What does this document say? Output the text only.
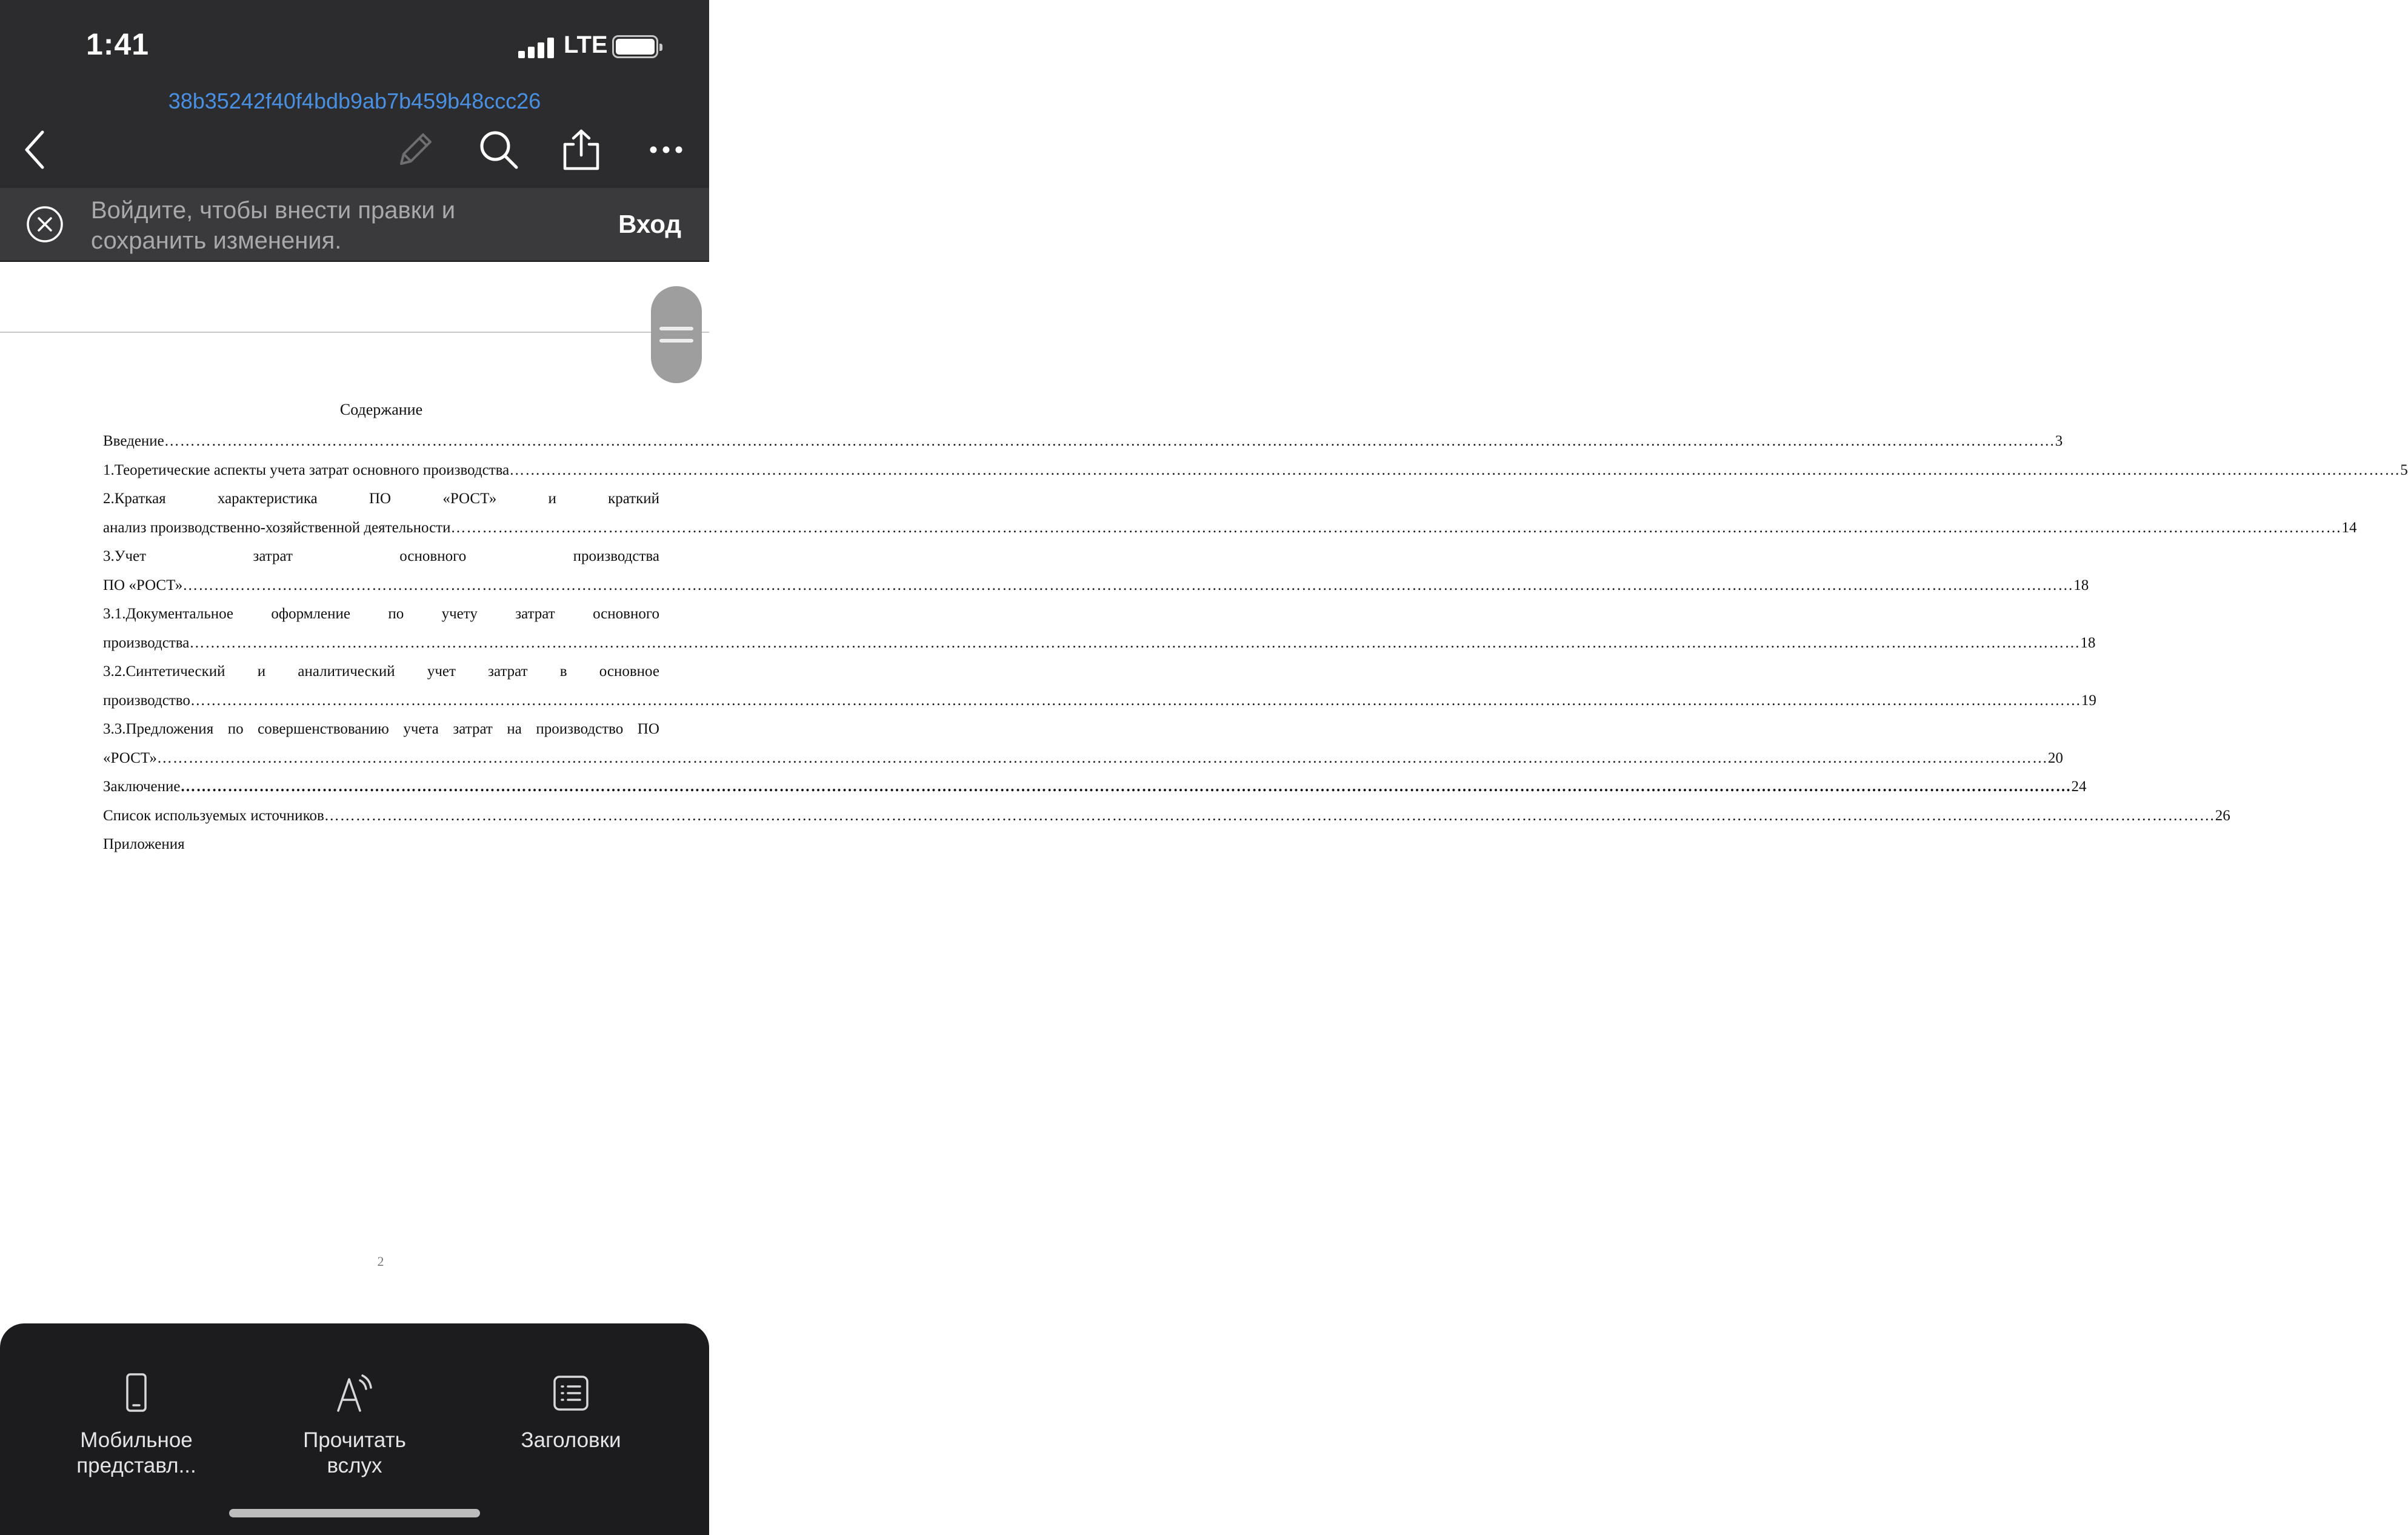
1:41	LTE
38b35242f40f4bdb9ab7b459b48ccc26
Войдите, чтобы внести правки и
сохранить изменения.
Вход
Содержание
Введение ……………………………………………………………………………………………………………………………………………………………………………………………………………………………………………………………………………………………………………………………… 3
1.Теоретические аспекты учета затрат основного производства ……………………………………………………………………………………………………………………………………………………………………………………………………………………………………………………………………………………………………………………………… 5
2.Краткая	характеристика	ПО	«РОСТ»	и	краткий
анализ производственно-хозяйственной деятельности ……………………………………………………………………………………………………………………………………………………………………………………………………………………………………………………………………………………………………………………………… 14
3.Учет	затрат	основного	производства
ПО «РОСТ» ……………………………………………………………………………………………………………………………………………………………………………………………………………………………………………………………………………………………………………………………… 18
3.1.Документальное оформление по учету затрат основного
производства ……………………………………………………………………………………………………………………………………………………………………………………………………………………………………………………………………………………………………………………………… 18
3.2.Синтетический и аналитический учет затрат в основное
производство ……………………………………………………………………………………………………………………………………………………………………………………………………………………………………………………………………………………………………………………………… 19
3.3.Предложения по совершенствованию учета затрат на производство ПО
«РОСТ» ……………………………………………………………………………………………………………………………………………………………………………………………………………………………………………………………………………………………………………………………… 20
Заключение ……………………………………………………………………………………………………………………………………………………………………………………………………………………………………………………………………………………………………………………………… 24
Список используемых источников ……………………………………………………………………………………………………………………………………………………………………………………………………………………………………………………………………………………………………………………………… 26
Приложения
2
Мобильное
представл...
Прочитать
вслух
Заголовки
